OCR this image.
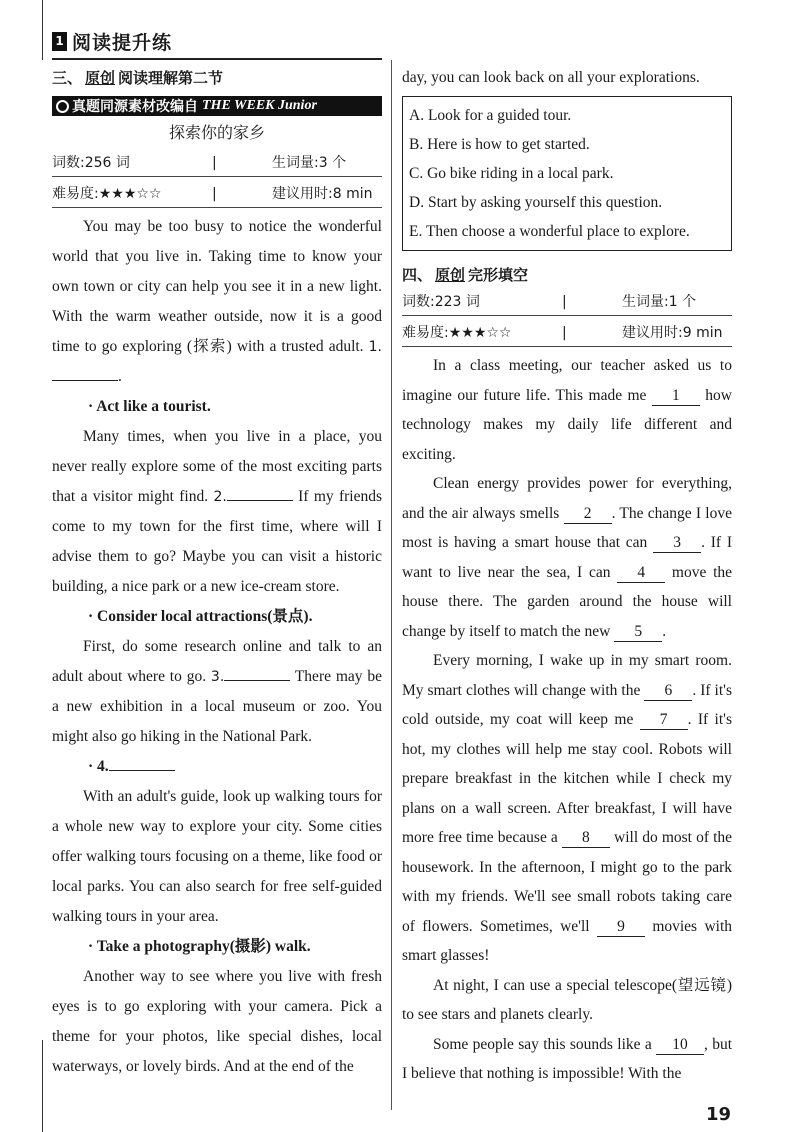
1 阅读提升练
三、 原创 阅读理解第二节
真题同源素材改编自 THE WEEK Junior
探索你的家乡
词数:256 词	|	生词量:3 个
难易度:★★★☆☆	|	建议用时:8 min

You may be too busy to notice the wonderful world that you live in. Taking time to know your own town or city can help you see it in a new light. With the warm weather outside, now it is a good time to go exploring (探索) with a trusted adult. 1..

· Act like a tourist.

Many times, when you live in a place, you never really explore some of the most exciting parts that a visitor might find. 2.	If my friends come to my town for the first time, where will I advise them to go? Maybe you can visit a historic building, a nice park or a new ice-cream store.

· Consider local attractions(景点).

First, do some research online and talk to an adult about where to go. 3.	There may be a new exhibition in a local museum or zoo. You might also go hiking in the National Park.

· 4.

With an adult's guide, look up walking tours for a whole new way to explore your city. Some cities offer walking tours focusing on a theme, like food or local parks. You can also search for free self-guided walking tours in your area.

· Take a photography(摄影) walk.

Another way to see where you live with fresh eyes is to go exploring with your camera. Pick a theme for your photos, like special dishes, local waterways, or lovely birds. And at the end of the

day, you can look back on all your explorations.
A. Look for a guided tour.
B. Here is how to get started.
C. Go bike riding in a local park.
D. Start by asking yourself this question.
E. Then choose a wonderful place to explore.
四、 原创 完形填空
词数:223 词	|	生词量:1 个
难易度:★★★☆☆	|	建议用时:9 min

In a class meeting, our teacher asked us to imagine our future life. This made me 1 how technology makes my daily life different and exciting.

Clean energy provides power for everything, and the air always smells 2 . The change I love most is having a smart house that can 3 . If I want to live near the sea, I can 4 move the house there. The garden around the house will change by itself to match the new 5 .

Every morning, I wake up in my smart room. My smart clothes will change with the 6 . If it's cold outside, my coat will keep me 7 . If it's hot, my clothes will help me stay cool. Robots will prepare breakfast in the kitchen while I check my plans on a wall screen. After breakfast, I will have more free time because a 8 will do most of the housework. In the afternoon, I might go to the park with my friends. We'll see small robots taking care of flowers. Sometimes, we'll 9 movies with smart glasses!

At night, I can use a special telescope(望远镜) to see stars and planets clearly.

Some people say this sounds like a 10 , but I believe that nothing is impossible! With the

19
